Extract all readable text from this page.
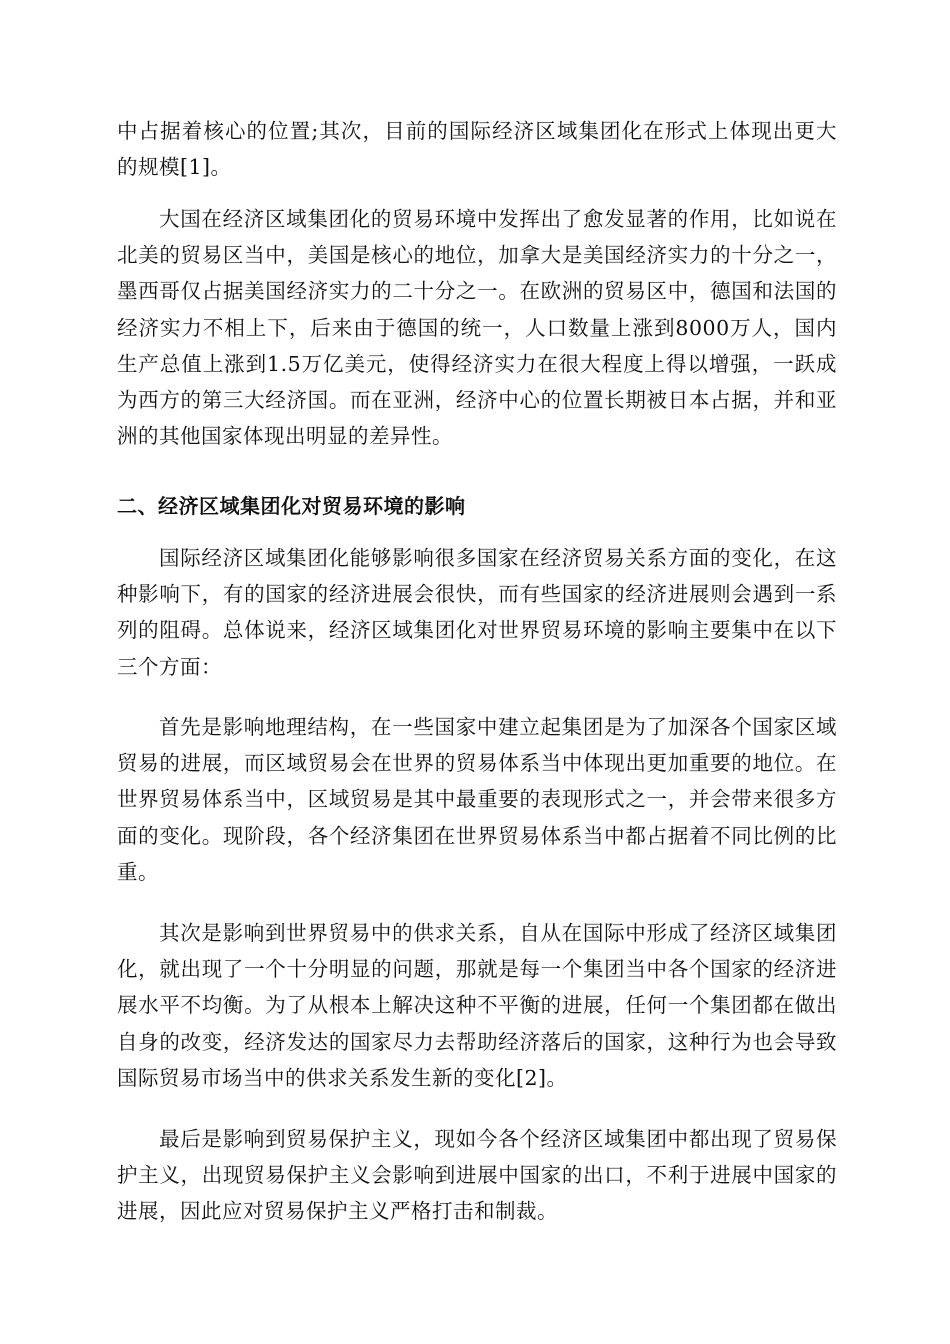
中占据着核心的位置;其次，目前的国际经济区域集团化在形式上体现出更大的规模[1]。

大国在经济区域集团化的贸易环境中发挥出了愈发显著的作用，比如说在北美的贸易区当中，美国是核心的地位，加拿大是美国经济实力的十分之一，墨西哥仅占据美国经济实力的二十分之一。在欧洲的贸易区中，德国和法国的经济实力不相上下，后来由于德国的统一，人口数量上涨到8000万人，国内生产总值上涨到1.5万亿美元，使得经济实力在很大程度上得以增强，一跃成为西方的第三大经济国。而在亚洲，经济中心的位置长期被日本占据，并和亚洲的其他国家体现出明显的差异性。

二、经济区域集团化对贸易环境的影响

国际经济区域集团化能够影响很多国家在经济贸易关系方面的变化，在这种影响下，有的国家的经济进展会很快，而有些国家的经济进展则会遇到一系列的阻碍。总体说来，经济区域集团化对世界贸易环境的影响主要集中在以下三个方面：

首先是影响地理结构，在一些国家中建立起集团是为了加深各个国家区域贸易的进展，而区域贸易会在世界的贸易体系当中体现出更加重要的地位。在世界贸易体系当中，区域贸易是其中最重要的表现形式之一，并会带来很多方面的变化。现阶段，各个经济集团在世界贸易体系当中都占据着不同比例的比重。

其次是影响到世界贸易中的供求关系，自从在国际中形成了经济区域集团化，就出现了一个十分明显的问题，那就是每一个集团当中各个国家的经济进展水平不均衡。为了从根本上解决这种不平衡的进展，任何一个集团都在做出自身的改变，经济发达的国家尽力去帮助经济落后的国家，这种行为也会导致国际贸易市场当中的供求关系发生新的变化[2]。

最后是影响到贸易保护主义，现如今各个经济区域集团中都出现了贸易保护主义，出现贸易保护主义会影响到进展中国家的出口，不利于进展中国家的进展，因此应对贸易保护主义严格打击和制裁。
